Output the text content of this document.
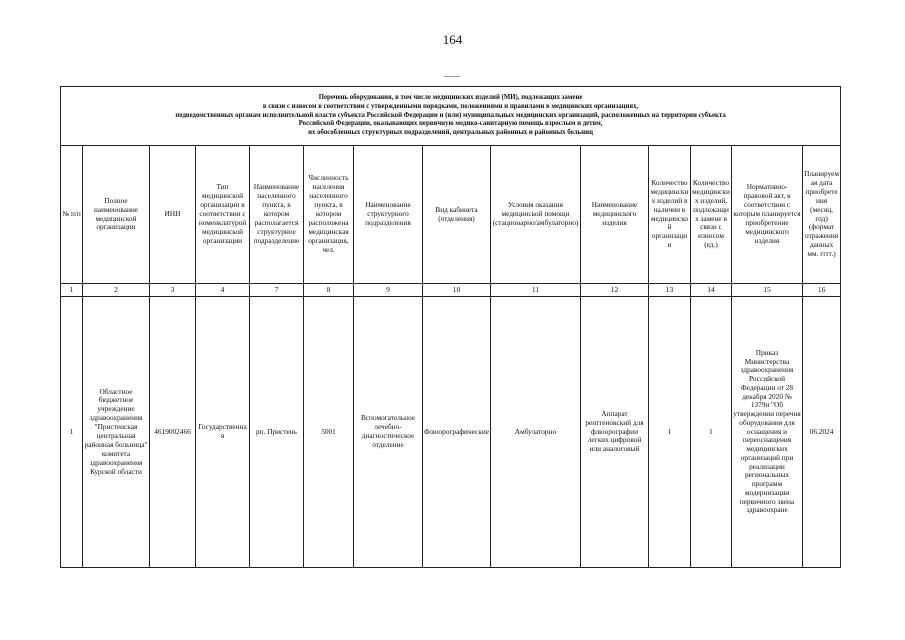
164
Перечень оборудования, в том числе медицинских изделий (МИ), подлежащих замене
в связи с износом в соответствии с утвержденными порядками, положениями и правилами в медицинских организациях,
подведомственных органам исполнительной власти субъекта Российской Федерации и (или) муниципальных медицинских организаций, расположенных на территории субъекта
Российской Федерации, оказывающих первичную медико-санитарную помощь взрослым и детям,
их обособленных структурных подразделений, центральных районных и районных больниц													

№ п/п	Полное наименование медицинской организации	ИНН	Тип медицинской организации в соответствии с номенклатурой медицинской организации	Наименование населенного пункта, в котором располагается структурное подразделение	Численность населения населенного пункта, в котором расположена медицинская организация, чел.	Наименование структурного подразделения	Вид кабинета (отделения)	Условия оказания медицинской помощи (стационарно/амбулаторно)	Наименование медицинского изделия	Количество медицинских изделий в наличии в медицинской организации	Количество медицинских изделий, подлежащих замене в связи с износом (ед.)	Нормативно-правовой акт, в соответствии с которым планируется приобретение медицинского изделия	Планируемая дата приобретения (месяц, год) (формат отражения данных мм. гггг.)
1	2	3	4	7	8	9	10	11	12	13	14	15	16
1	Областное бюджетное учреждение здравоохранения "Пристенская центральная районная больница" комитета здравоохранения Курской области	4619002466	Государственная	рп. Пристень	5001	Вспомогательное лечебно-диагностическое отделение	Флюорографические	Амбулаторно	Аппарат рентгеновский для флюорографии легких цифровой или аналоговый	1	1	Приказ Министерства здравоохранения Российской Федерации от 28 декабря 2020 № 1379н "Об утверждении перечня оборудования для оснащения и переоснащения медицинских организаций при реализации региональных программ модернизации первичного звена здравоохране	06.2024
